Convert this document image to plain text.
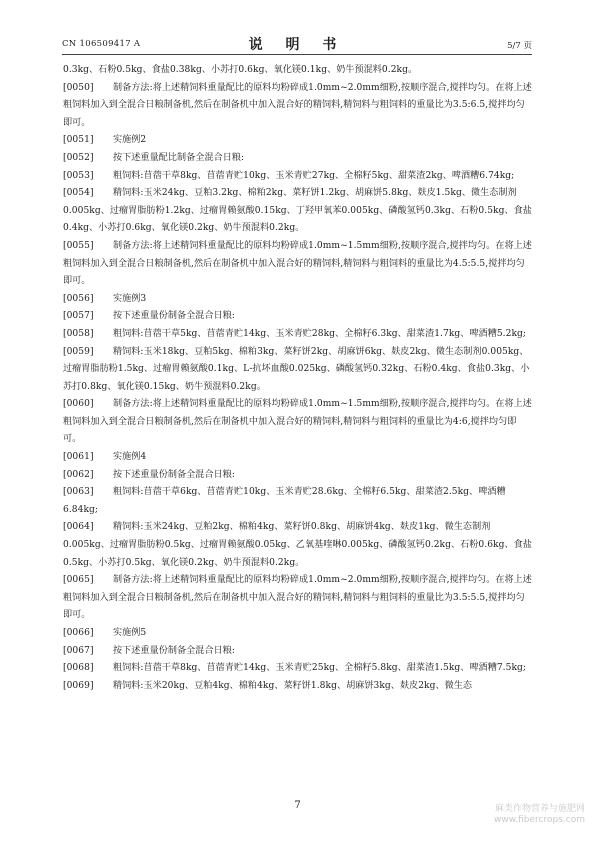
CN 106509417 A	说 明 书	5/7 页

0.3kg、石粉0.5kg、食盐0.38kg、小苏打0.6kg、氧化镁0.1kg、奶牛预混料0.2kg。

[0050] 制备方法:将上述精饲料重量配比的原料均粉碎成1.0mm~2.0mm细粉,按顺序混合,搅拌均匀。在将上述粗饲料加入到全混合日粮制备机,然后在制备机中加入混合好的精饲料,精饲料与粗饲料的重量比为3.5:6.5,搅拌均匀即可。

[0051] 实施例2

[0052] 按下述重量配比制备全混合日粮:

[0053] 粗饲料:苜蓿干草8kg、苜蓿青贮10kg、玉米青贮27kg、全棉籽5kg、甜菜渣2kg、啤酒糟6.74kg;

[0054] 精饲料:玉米24kg、豆粕3.2kg、棉粕2kg、菜籽饼1.2kg、胡麻饼5.8kg、麸皮1.5kg、微生态制剂0.005kg、过瘤胃脂肪粉1.2kg、过瘤胃赖氨酸0.15kg、丁羟甲氧苯0.005kg、磷酸氢钙0.3kg、石粉0.5kg、食盐0.4kg、小苏打0.6kg、氧化镁0.2kg、奶牛预混料0.2kg。

[0055] 制备方法:将上述精饲料重量配比的原料均粉碎成1.0mm~1.5mm细粉,按顺序混合,搅拌均匀。在将上述粗饲料加入到全混合日粮制备机,然后在制备机中加入混合好的精饲料,精饲料与粗饲料的重量比为4.5:5.5,搅拌均匀即可。

[0056] 实施例3

[0057] 按下述重量份制备全混合日粮:

[0058] 粗饲料:苜蓿干草5kg、苜蓿青贮14kg、玉米青贮28kg、全棉籽6.3kg、甜菜渣1.7kg、啤酒糟5.2kg;

[0059] 精饲料:玉米18kg、豆粕5kg、棉粕3kg、菜籽饼2kg、胡麻饼6kg、麸皮2kg、微生态制剂0.005kg、过瘤胃脂肪粉1.5kg、过瘤胃赖氨酸0.1kg、L-抗坏血酸0.025kg、磷酸氢钙0.32kg、石粉0.4kg、食盐0.3kg、小苏打0.8kg、氧化镁0.15kg、奶牛预混料0.2kg。

[0060] 制备方法:将上述精饲料重量配比的原料均粉碎成1.0mm~1.5mm细粉,按顺序混合,搅拌均匀。在将上述粗饲料加入到全混合日粮制备机,然后在制备机中加入混合好的精饲料,精饲料与粗饲料的重量比为4:6,搅拌均匀即可。

[0061] 实施例4

[0062] 按下述重量份制备全混合日粮:

[0063] 粗饲料:苜蓿干草6kg、苜蓿青贮10kg、玉米青贮28.6kg、全棉籽6.5kg、甜菜渣2.5kg、啤酒糟6.84kg;

[0064] 精饲料:玉米24kg、豆粕2kg、棉粕4kg、菜籽饼0.8kg、胡麻饼4kg、麸皮1kg、微生态制剂0.005kg、过瘤胃脂肪粉0.5kg、过瘤胃赖氨酸0.05kg、乙氧基喹啉0.005kg、磷酸氢钙0.2kg、石粉0.6kg、食盐0.5kg、小苏打0.5kg、氧化镁0.2kg、奶牛预混料0.2kg。

[0065] 制备方法:将上述精饲料重量配比的原料均粉碎成1.0mm~2.0mm细粉,按顺序混合,搅拌均匀。在将上述粗饲料加入到全混合日粮制备机,然后在制备机中加入混合好的精饲料,精饲料与粗饲料的重量比为3.5:5.5,搅拌均匀即可。

[0066] 实施例5

[0067] 按下述重量份制备全混合日粮:

[0068] 粗饲料:苜蓿干草8kg、苜蓿青贮14kg、玉米青贮25kg、全棉籽5.8kg、甜菜渣1.5kg、啤酒糟7.5kg;

[0069] 精饲料:玉米20kg、豆粕4kg、棉粕4kg、菜籽饼1.8kg、胡麻饼3kg、麸皮2kg、微生态

7	麻类作物营养与施肥网
www.fibercrops.com
